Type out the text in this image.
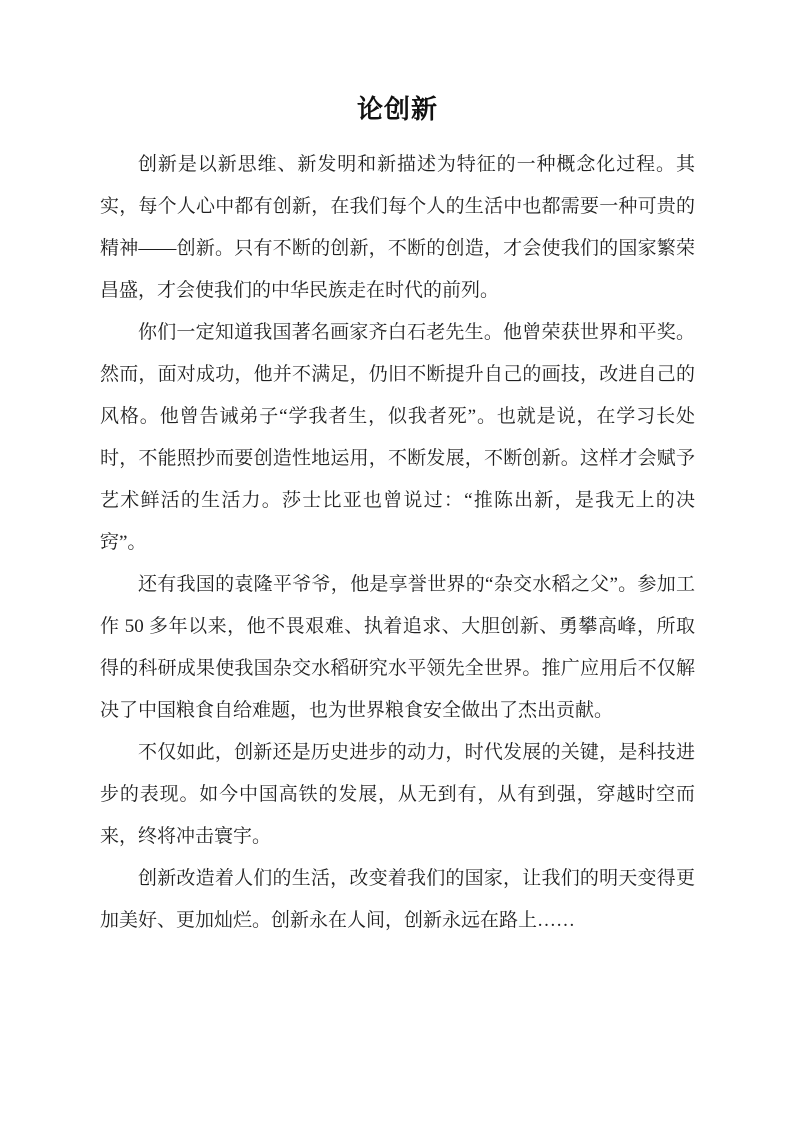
论创新

创新是以新思维、新发明和新描述为特征的一种概念化过程。其实，每个人心中都有创新，在我们每个人的生活中也都需要一种可贵的精神——创新。只有不断的创新，不断的创造，才会使我们的国家繁荣昌盛，才会使我们的中华民族走在时代的前列。

你们一定知道我国著名画家齐白石老先生。他曾荣获世界和平奖。然而，面对成功，他并不满足，仍旧不断提升自己的画技，改进自己的风格。他曾告诫弟子“学我者生，似我者死”。也就是说，在学习长处时，不能照抄而要创造性地运用，不断发展，不断创新。这样才会赋予艺术鲜活的生活力。莎士比亚也曾说过：“推陈出新，是我无上的决窍”。

还有我国的袁隆平爷爷，他是享誉世界的“杂交水稻之父”。参加工作 50 多年以来，他不畏艰难、执着追求、大胆创新、勇攀高峰，所取得的科研成果使我国杂交水稻研究水平领先全世界。推广应用后不仅解决了中国粮食自给难题，也为世界粮食安全做出了杰出贡献。

不仅如此，创新还是历史进步的动力，时代发展的关键，是科技进步的表现。如今中国高铁的发展，从无到有，从有到强，穿越时空而来，终将冲击寰宇。

创新改造着人们的生活，改变着我们的国家，让我们的明天变得更加美好、更加灿烂。创新永在人间，创新永远在路上……
